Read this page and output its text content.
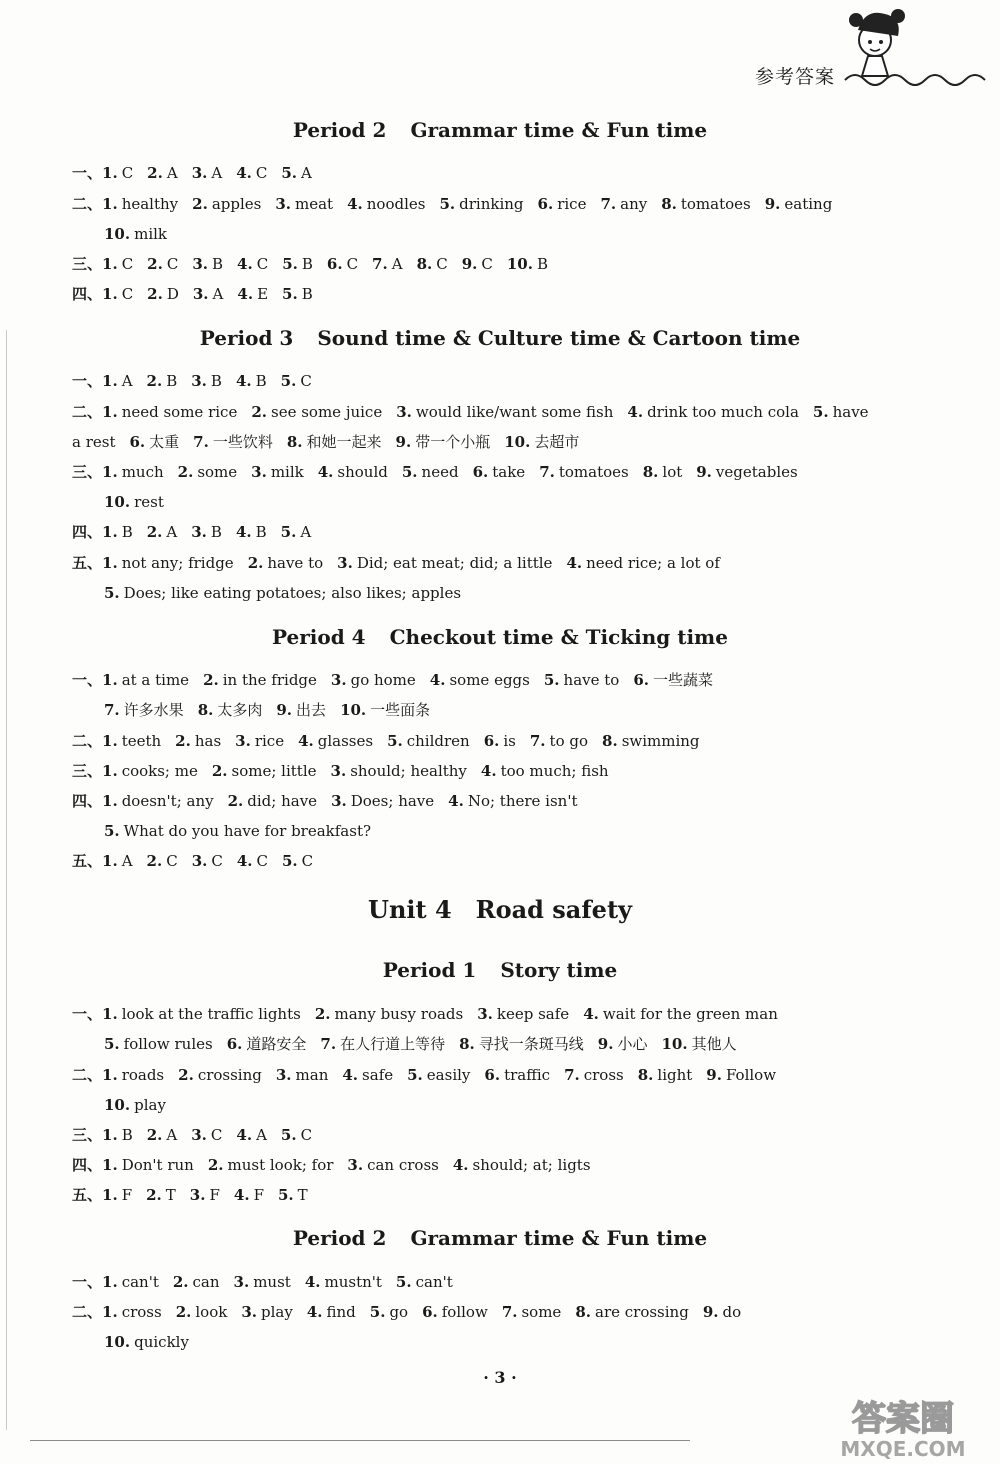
参考答案
Period 2 Grammar time & Fun time
一、1. C 2. A 3. A 4. C 5. A
二、1. healthy 2. apples 3. meat 4. noodles 5. drinking 6. rice 7. any 8. tomatoes 9. eating
10. milk
三、1. C 2. C 3. B 4. C 5. B 6. C 7. A 8. C 9. C 10. B
四、1. C 2. D 3. A 4. E 5. B
Period 3 Sound time & Culture time & Cartoon time
一、1. A 2. B 3. B 4. B 5. C
二、1. need some rice 2. see some juice 3. would like/want some fish 4. drink too much cola 5. have
a rest 6. 太重 7. 一些饮料 8. 和她一起来 9. 带一个小瓶 10. 去超市
三、1. much 2. some 3. milk 4. should 5. need 6. take 7. tomatoes 8. lot 9. vegetables
10. rest
四、1. B 2. A 3. B 4. B 5. A
五、1. not any; fridge 2. have to 3. Did; eat meat; did; a little 4. need rice; a lot of
5. Does; like eating potatoes; also likes; apples
Period 4 Checkout time & Ticking time
一、1. at a time 2. in the fridge 3. go home 4. some eggs 5. have to 6. 一些蔬菜
7. 许多水果 8. 太多肉 9. 出去 10. 一些面条
二、1. teeth 2. has 3. rice 4. glasses 5. children 6. is 7. to go 8. swimming
三、1. cooks; me 2. some; little 3. should; healthy 4. too much; fish
四、1. doesn't; any 2. did; have 3. Does; have 4. No; there isn't
5. What do you have for breakfast?
五、1. A 2. C 3. C 4. C 5. C
Unit 4 Road safety
Period 1 Story time
一、1. look at the traffic lights 2. many busy roads 3. keep safe 4. wait for the green man
5. follow rules 6. 道路安全 7. 在人行道上等待 8. 寻找一条斑马线 9. 小心 10. 其他人
二、1. roads 2. crossing 3. man 4. safe 5. easily 6. traffic 7. cross 8. light 9. Follow
10. play
三、1. B 2. A 3. C 4. A 5. C
四、1. Don't run 2. must look; for 3. can cross 4. should; at; ligts
五、1. F 2. T 3. F 4. F 5. T
Period 2 Grammar time & Fun time
一、1. can't 2. can 3. must 4. mustn't 5. can't
二、1. cross 2. look 3. play 4. find 5. go 6. follow 7. some 8. are crossing 9. do
10. quickly
· 3 ·
答案圈
MXQE.COM
